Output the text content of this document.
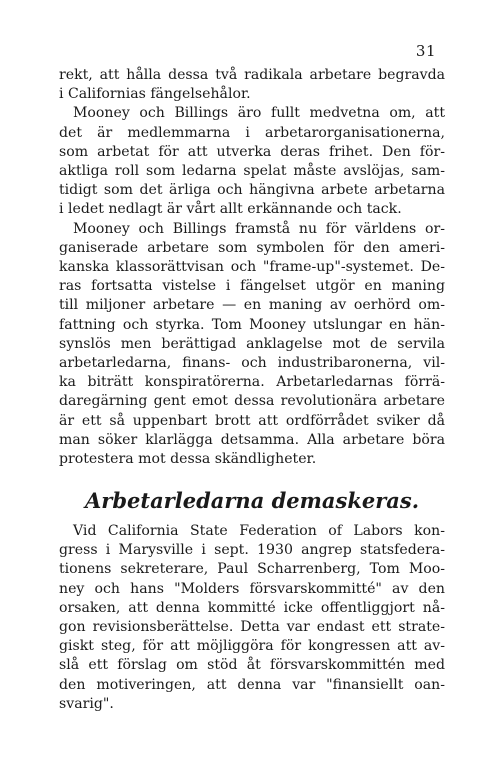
31
rekt, att hålla dessa två radikala arbetare begravda
i Californias fängelsehålor.
Mooney och Billings äro fullt medvetna om, att
det är medlemmarna i arbetarorganisationerna,
som arbetat för att utverka deras frihet. Den för-
aktliga roll som ledarna spelat måste avslöjas, sam-
tidigt som det ärliga och hängivna arbete arbetarna
i ledet nedlagt är vårt allt erkännande och tack.
Mooney och Billings framstå nu för världens or-
ganiserade arbetare som symbolen för den ameri-
kanska klassorättvisan och "frame-up"-systemet. De-
ras fortsatta vistelse i fängelset utgör en maning
till miljoner arbetare — en maning av oerhörd om-
fattning och styrka. Tom Mooney utslungar en hän-
synslös men berättigad anklagelse mot de servila
arbetarledarna, finans- och industribaronerna, vil-
ka biträtt konspiratörerna. Arbetarledarnas förrä-
daregärning gent emot dessa revolutionära arbetare
är ett så uppenbart brott att ordförrådet sviker då
man söker klarlägga detsamma. Alla arbetare böra
protestera mot dessa skändligheter.
Arbetarledarna demaskeras.
Vid California State Federation of Labors kon-
gress i Marysville i sept. 1930 angrep statsfedera-
tionens sekreterare, Paul Scharrenberg, Tom Moo-
ney och hans "Molders försvarskommitté" av den
orsaken, att denna kommitté icke offentliggjort nå-
gon revisionsberättelse. Detta var endast ett strate-
giskt steg, för att möjliggöra för kongressen att av-
slå ett förslag om stöd åt försvarskommittén med
den motiveringen, att denna var "finansiellt oan-
svarig".
